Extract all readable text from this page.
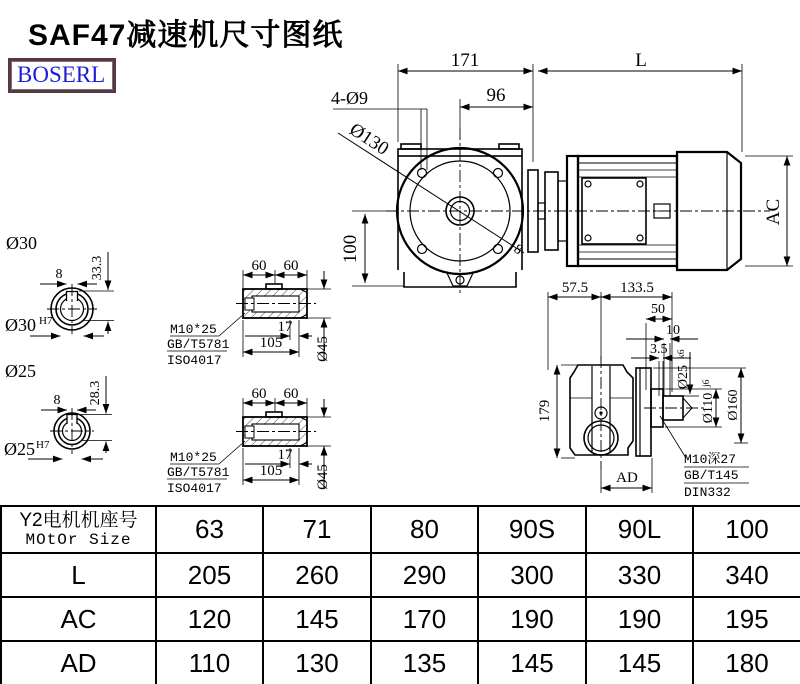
Ø130
8
171	L
96
4-Ø9
100
AC
Ø30
8 33.3
Ø30 H7
Ø25
8 28.3
Ø25 H7
60 60
17
105 Ø45
M10*25
GB/T5781
ISO4017
60 60
17
105 Ø45
M10*25
GB/T5781
ISO4017
57.5 133.5
50
10
3.5
Ø25
k6
Ø110
j6
Ø160
179
AD
M10深27
GB/T145
DIN332
SAF47减速机尺寸图纸
BOSERL
Y2电机机座号
MOtOr Size	63	71	80	90S	90L	100
L	205	260	290	300	330	340
AC	120	145	170	190	190	195
AD	110	130	135	145	145	180
